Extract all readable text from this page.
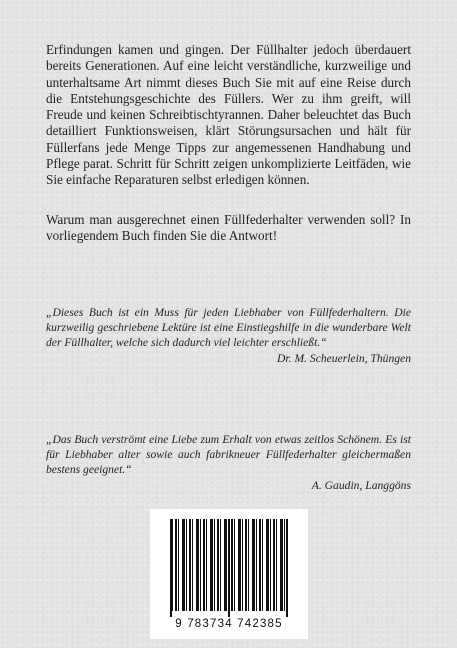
Erfindungen kamen und gingen. Der Füllhalter jedoch überdauert bereits Generationen. Auf eine leicht verständliche, kurzweilige und unterhaltsame Art nimmt dieses Buch Sie mit auf eine Reise durch die Entstehungsgeschichte des Füllers. Wer zu ihm greift, will Freude und keinen Schreibtischtyrannen. Daher beleuchtet das Buch detailliert Funktionsweisen, klärt Störungsursachen und hält für Füllerfans jede Menge Tipps zur angemessenen Handhabung und Pflege parat. Schritt für Schritt zeigen unkomplizierte Leitfäden, wie Sie einfache Reparaturen selbst erledigen können.

Warum man ausgerechnet einen Füllfederhalter verwenden soll? In vorliegendem Buch finden Sie die Antwort!

„Dieses Buch ist ein Muss für jeden Liebhaber von Füllfederhaltern. Die kurzweilig geschriebene Lektüre ist eine Einstiegshilfe in die wunderbare Welt der Füllhalter, welche sich dadurch viel leichter erschließt.“

Dr. M. Scheuerlein, Thüngen

„Das Buch verströmt eine Liebe zum Erhalt von etwas zeitlos Schönem. Es ist für Liebhaber alter sowie auch fabrikneuer Füllfederhalter gleichermaßen bestens geeignet.“

A. Gaudin, Langgöns

9 783734 742385
